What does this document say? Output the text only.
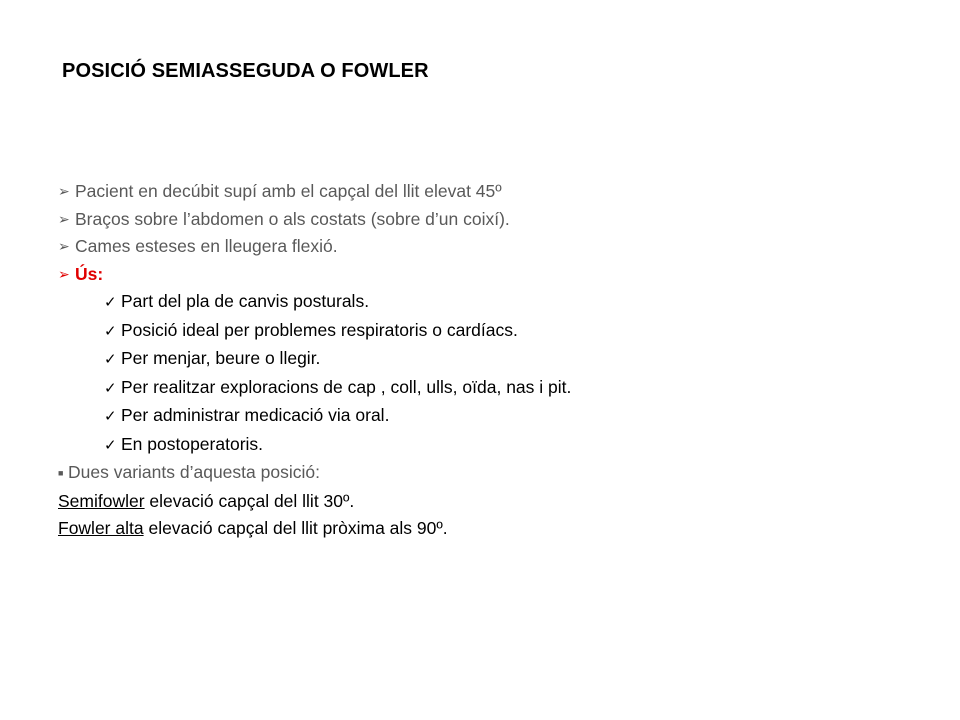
POSICIÓ SEMIASSEGUDA O FOWLER
➢ Pacient en decúbit supí amb el capçal del llit elevat 45º
➢ Braços sobre l’abdomen o als costats (sobre d’un coixí).
➢ Cames esteses en lleugera flexió.
➢ Ús:
✓ Part del pla de canvis posturals.
✓ Posició ideal per problemes respiratoris o cardíacs.
✓ Per menjar, beure o llegir.
✓ Per realitzar exploracions de cap , coll, ulls, oïda, nas i pit.
✓ Per administrar medicació via oral.
✓ En postoperatoris.
■ Dues variants d’aquesta posició:
Semifowler elevació capçal del llit 30º.
Fowler alta elevació capçal del llit pròxima als 90º.
